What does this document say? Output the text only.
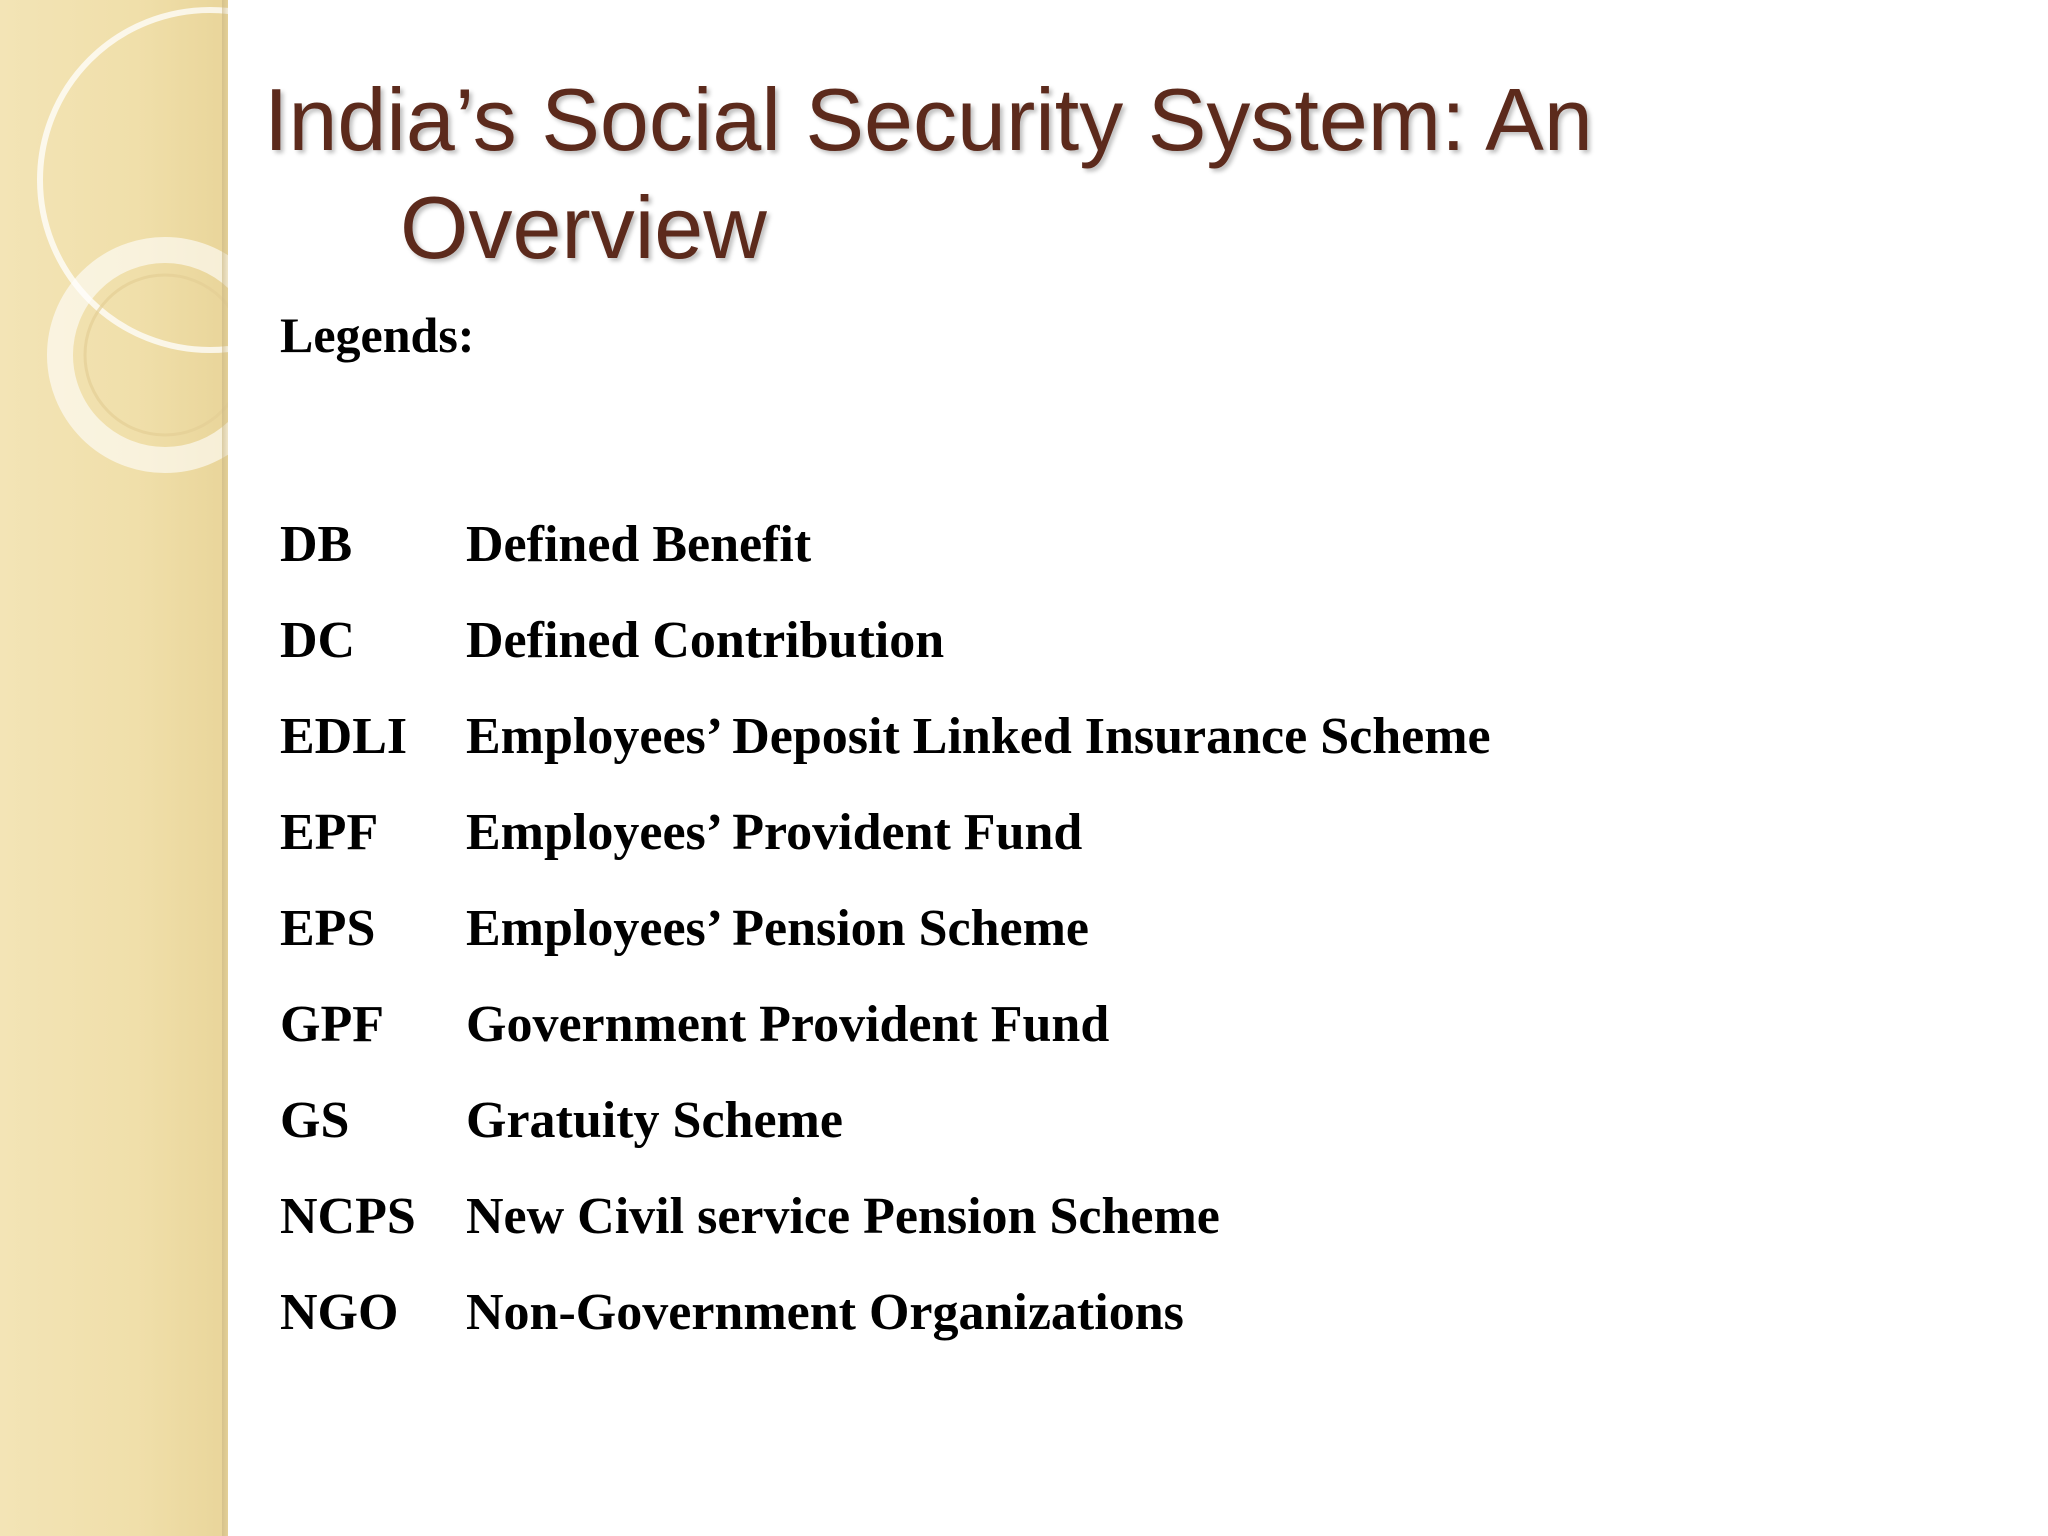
India’s Social Security System: An
Overview

Legends:

DB	Defined Benefit
DC	Defined Contribution
EDLI	Employees’ Deposit Linked Insurance Scheme
EPF	Employees’ Provident Fund
EPS	Employees’ Pension Scheme
GPF	Government Provident Fund
GS	Gratuity Scheme
NCPS New Civil service Pension Scheme
NGO	Non-Government Organizations
